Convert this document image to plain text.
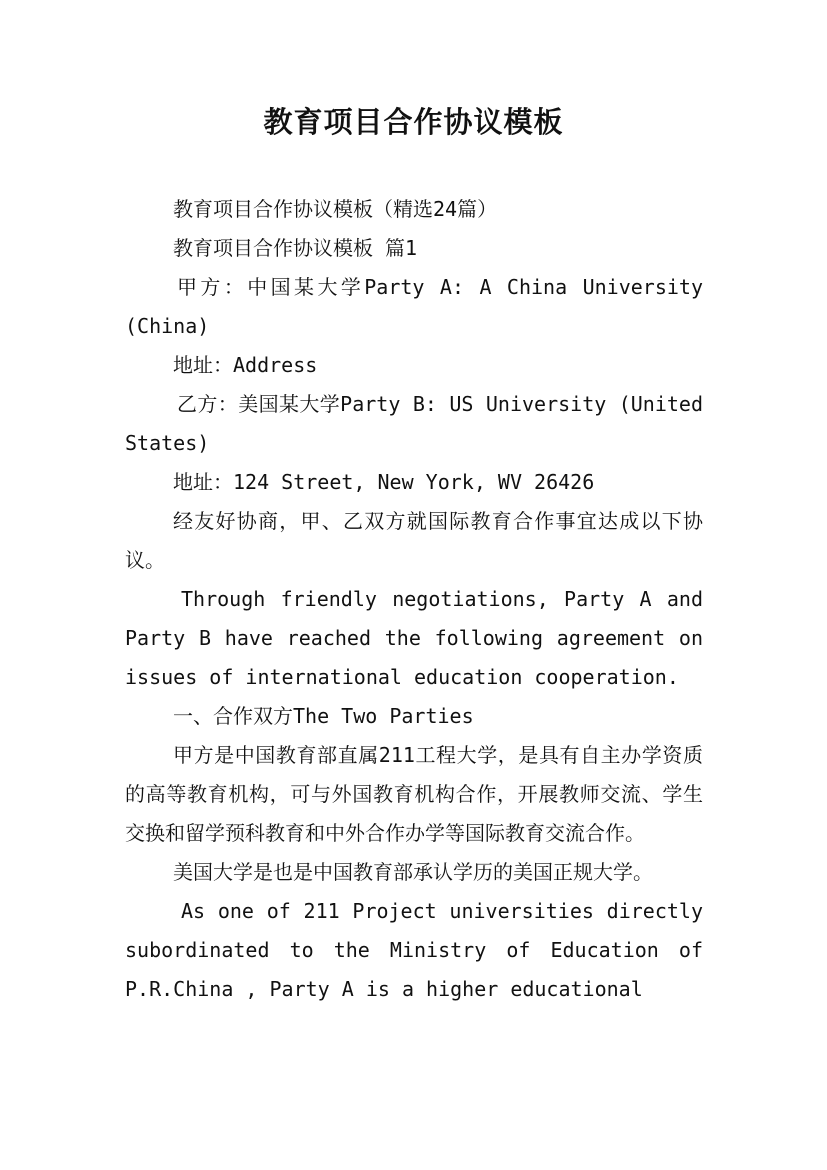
教育项目合作协议模板

教育项目合作协议模板（精选24篇）

教育项目合作协议模板 篇1

甲方：中国某大学Party A: A China University (China)

地址：Address

乙方：美国某大学Party B: US University (United States)

地址：124 Street, New York, WV 26426

经友好协商，甲、乙双方就国际教育合作事宜达成以下协议。

Through friendly negotiations, Party A and Party B have reached the following agreement on issues of international education cooperation.

一、合作双方The Two Parties

甲方是中国教育部直属211工程大学，是具有自主办学资质的高等教育机构，可与外国教育机构合作，开展教师交流、学生交换和留学预科教育和中外合作办学等国际教育交流合作。

美国大学是也是中国教育部承认学历的美国正规大学。

As one of 211 Project universities directly subordinated to the Ministry of Education of P.R.China , Party A is a higher educational
